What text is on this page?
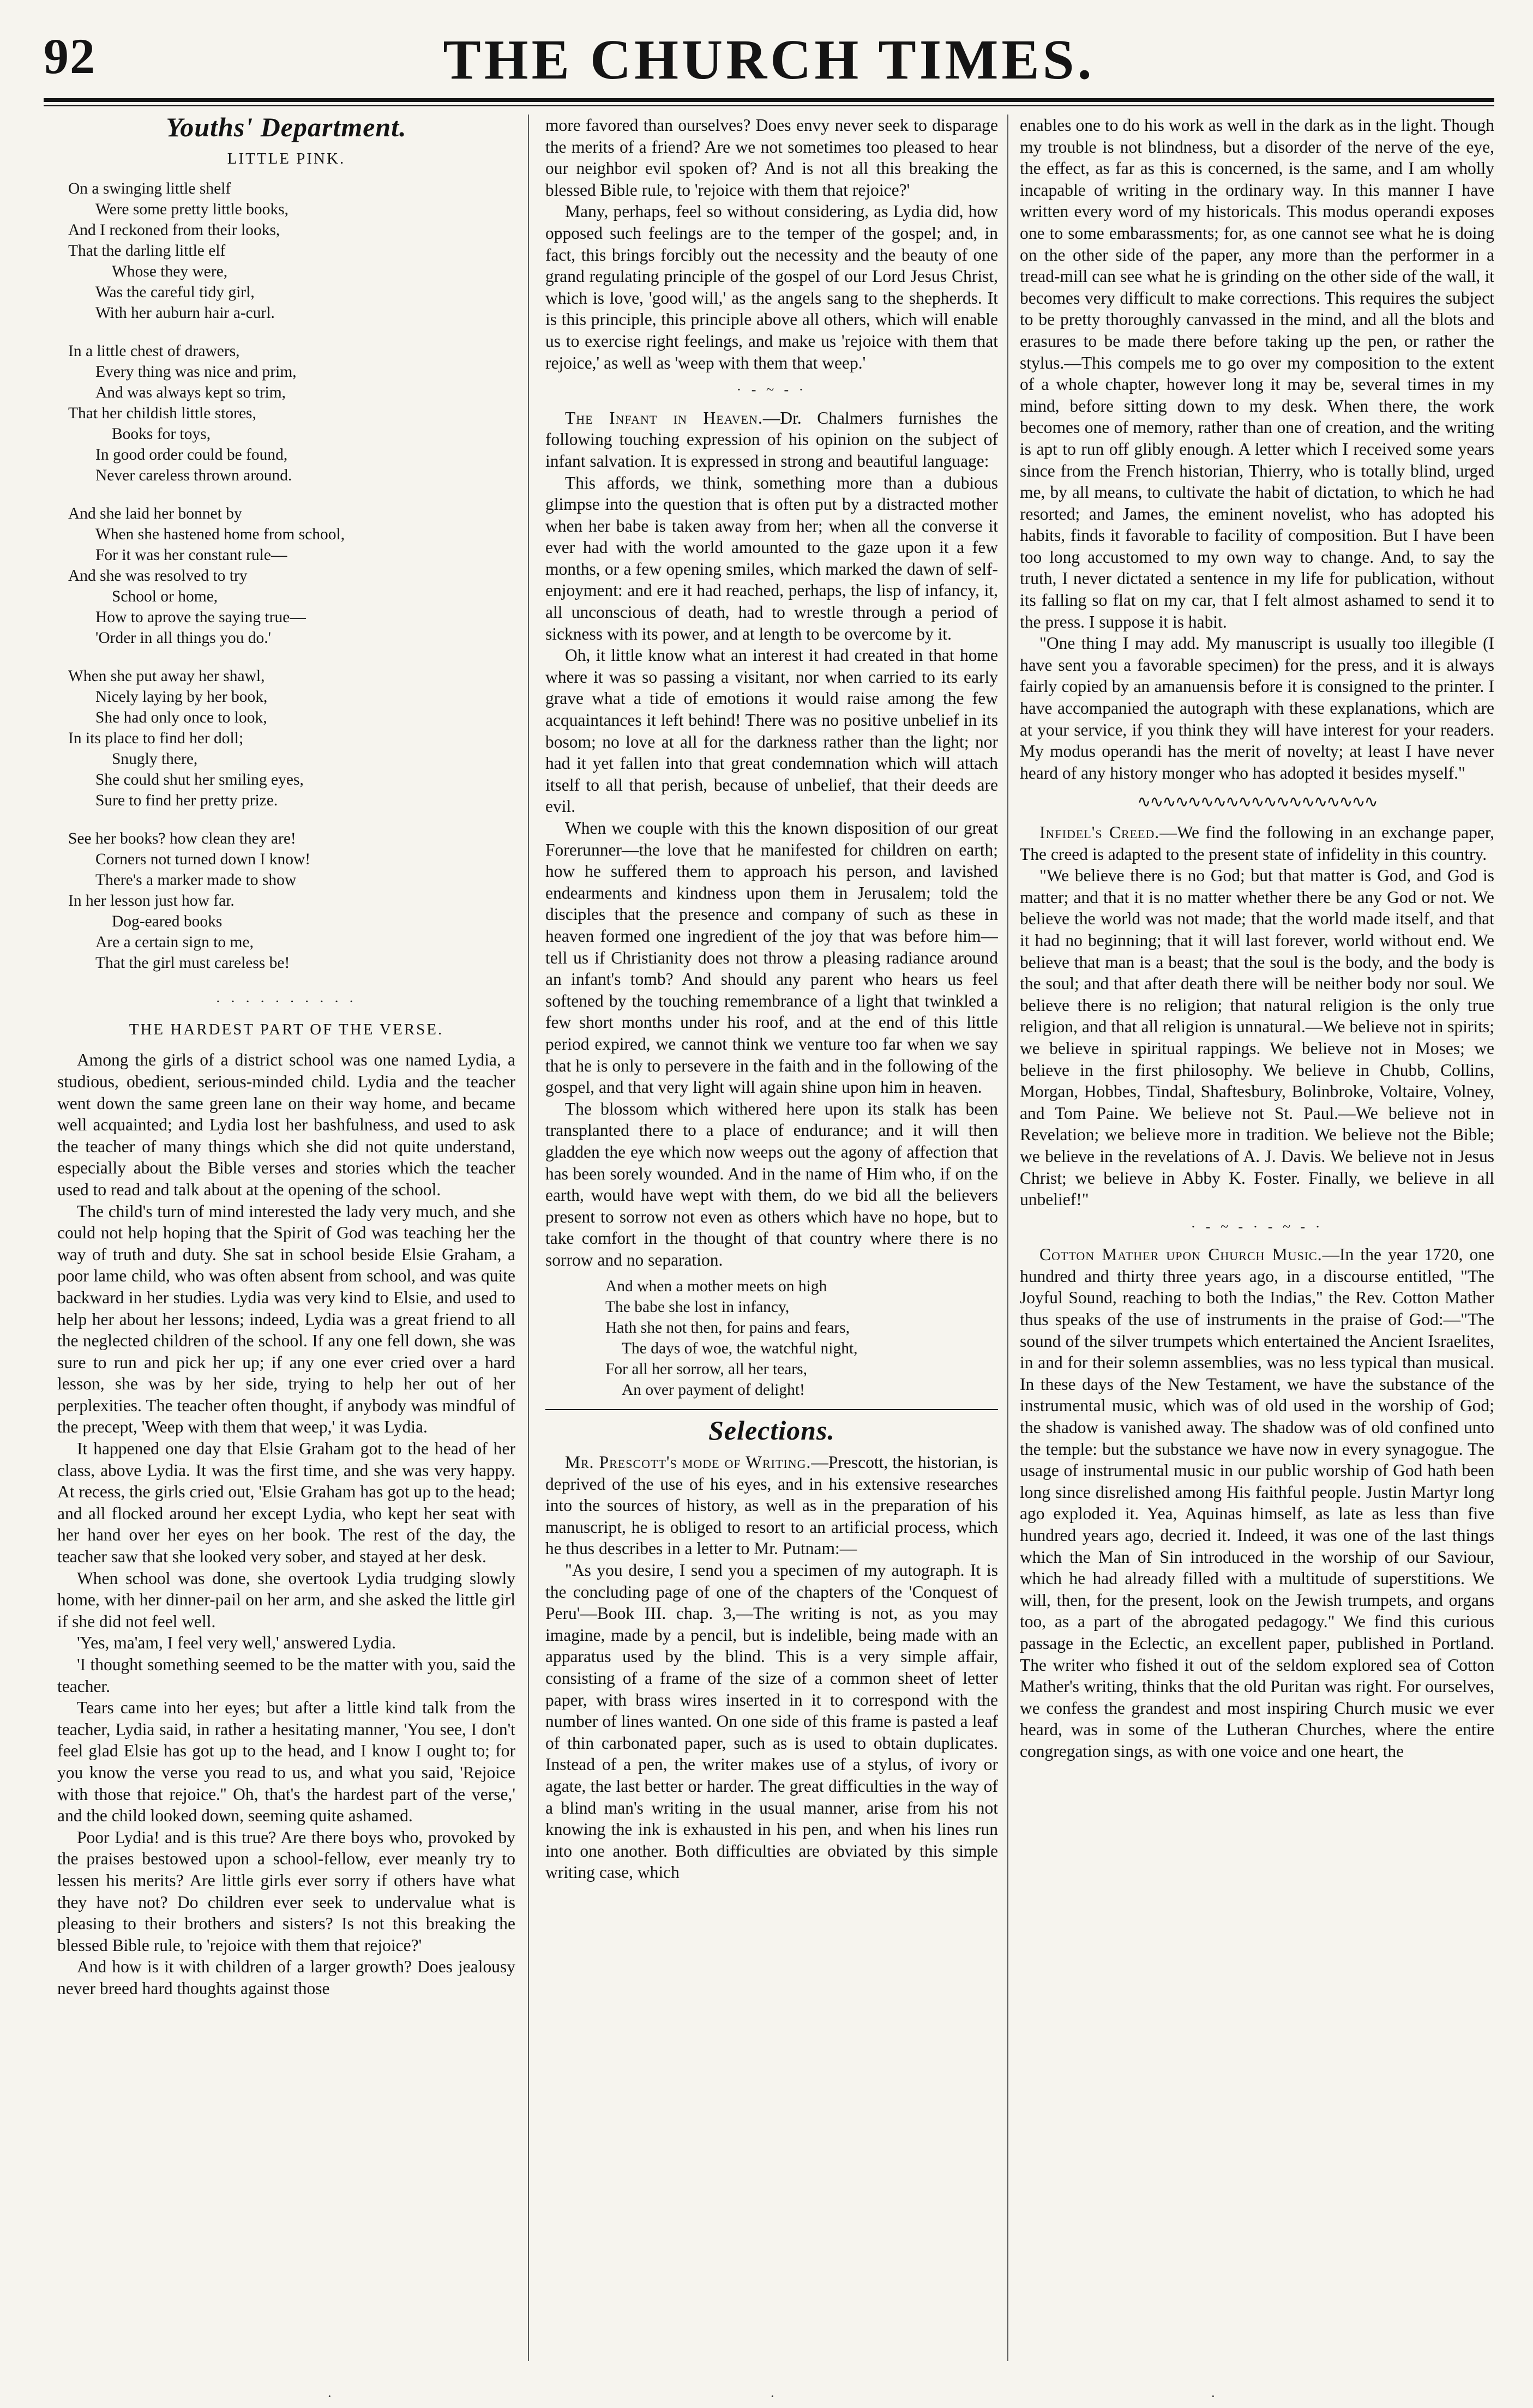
92	THE CHURCH TIMES.
Youths' Department.
LITTLE PINK.
On a swinging little shelf
Were some pretty little books,
And I reckoned from their looks,
That the darling little elf
Whose they were,
Was the careful tidy girl,
With her auburn hair a-curl.
In a little chest of drawers,
Every thing was nice and prim,
And was always kept so trim,
That her childish little stores,
Books for toys,
In good order could be found,
Never careless thrown around.
And she laid her bonnet by
When she hastened home from school,
For it was her constant rule—
And she was resolved to try
School or home,
How to aprove the saying true—
'Order in all things you do.'
When she put away her shawl,
Nicely laying by her book,
She had only once to look,
In its place to find her doll;
Snugly there,
She could shut her smiling eyes,
Sure to find her pretty prize.
See her books? how clean they are!
Corners not turned down I know!
There's a marker made to show
In her lesson just how far.
Dog-eared books
Are a certain sign to me,
That the girl must careless be!
· · · · · · · · · ·
THE HARDEST PART OF THE VERSE.

Among the girls of a district school was one named Lydia, a studious, obedient, serious-minded child. Lydia and the teacher went down the same green lane on their way home, and became well acquainted; and Lydia lost her bashfulness, and used to ask the teacher of many things which she did not quite understand, especially about the Bible verses and stories which the teacher used to read and talk about at the opening of the school.

The child's turn of mind interested the lady very much, and she could not help hoping that the Spirit of God was teaching her the way of truth and duty. She sat in school beside Elsie Graham, a poor lame child, who was often absent from school, and was quite backward in her studies. Lydia was very kind to Elsie, and used to help her about her lessons; indeed, Lydia was a great friend to all the neglected children of the school. If any one fell down, she was sure to run and pick her up; if any one ever cried over a hard lesson, she was by her side, trying to help her out of her perplexities. The teacher often thought, if anybody was mindful of the precept, 'Weep with them that weep,' it was Lydia.

It happened one day that Elsie Graham got to the head of her class, above Lydia. It was the first time, and she was very happy. At recess, the girls cried out, 'Elsie Graham has got up to the head; and all flocked around her except Lydia, who kept her seat with her hand over her eyes on her book. The rest of the day, the teacher saw that she looked very sober, and stayed at her desk.

When school was done, she overtook Lydia trudging slowly home, with her dinner-pail on her arm, and she asked the little girl if she did not feel well.

'Yes, ma'am, I feel very well,' answered Lydia.

'I thought something seemed to be the matter with you, said the teacher.

Tears came into her eyes; but after a little kind talk from the teacher, Lydia said, in rather a hesitating manner, 'You see, I don't feel glad Elsie has got up to the head, and I know I ought to; for you know the verse you read to us, and what you said, 'Rejoice with those that rejoice.'' Oh, that's the hardest part of the verse,' and the child looked down, seeming quite ashamed.

Poor Lydia! and is this true? Are there boys who, provoked by the praises bestowed upon a school-fellow, ever meanly try to lessen his merits? Are little girls ever sorry if others have what they have not? Do children ever seek to undervalue what is pleasing to their brothers and sisters? Is not this breaking the blessed Bible rule, to 'rejoice with them that rejoice?'

And how is it with children of a larger growth? Does jealousy never breed hard thoughts against those

more favored than ourselves? Does envy never seek to disparage the merits of a friend? Are we not sometimes too pleased to hear our neighbor evil spoken of? And is not all this breaking the blessed Bible rule, to 'rejoice with them that rejoice?'

Many, perhaps, feel so without considering, as Lydia did, how opposed such feelings are to the temper of the gospel; and, in fact, this brings forcibly out the necessity and the beauty of one grand regulating principle of the gospel of our Lord Jesus Christ, which is love, 'good will,' as the angels sang to the shepherds. It is this principle, this principle above all others, which will enable us to exercise right feelings, and make us 'rejoice with them that rejoice,' as well as 'weep with them that weep.'

· - ~ - ·

The Infant in Heaven.—Dr. Chalmers furnishes the following touching expression of his opinion on the subject of infant salvation. It is expressed in strong and beautiful language:

This affords, we think, something more than a dubious glimpse into the question that is often put by a distracted mother when her babe is taken away from her; when all the converse it ever had with the world amounted to the gaze upon it a few months, or a few opening smiles, which marked the dawn of self-enjoyment: and ere it had reached, perhaps, the lisp of infancy, it, all unconscious of death, had to wrestle through a period of sickness with its power, and at length to be overcome by it.

Oh, it little know what an interest it had created in that home where it was so passing a visitant, nor when carried to its early grave what a tide of emotions it would raise among the few acquaintances it left behind! There was no positive unbelief in its bosom; no love at all for the darkness rather than the light; nor had it yet fallen into that great condemnation which will attach itself to all that perish, because of unbelief, that their deeds are evil.

When we couple with this the known disposition of our great Forerunner—the love that he manifested for children on earth; how he suffered them to approach his person, and lavished endearments and kindness upon them in Jerusalem; told the disciples that the presence and company of such as these in heaven formed one ingredient of the joy that was before him—tell us if Christianity does not throw a pleasing radiance around an infant's tomb? And should any parent who hears us feel softened by the touching remembrance of a light that twinkled a few short months under his roof, and at the end of this little period expired, we cannot think we venture too far when we say that he is only to persevere in the faith and in the following of the gospel, and that very light will again shine upon him in heaven.

The blossom which withered here upon its stalk has been transplanted there to a place of endurance; and it will then gladden the eye which now weeps out the agony of affection that has been sorely wounded. And in the name of Him who, if on the earth, would have wept with them, do we bid all the believers present to sorrow not even as others which have no hope, but to take comfort in the thought of that country where there is no sorrow and no separation.

And when a mother meets on high
The babe she lost in infancy,
Hath she not then, for pains and fears,
The days of woe, the watchful night,
For all her sorrow, all her tears,
An over payment of delight!
Selections.

Mr. Prescott's mode of Writing.—Prescott, the historian, is deprived of the use of his eyes, and in his extensive researches into the sources of history, as well as in the preparation of his manuscript, he is obliged to resort to an artificial process, which he thus describes in a letter to Mr. Putnam:—

"As you desire, I send you a specimen of my autograph. It is the concluding page of one of the chapters of the 'Conquest of Peru'—Book III. chap. 3,—The writing is not, as you may imagine, made by a pencil, but is indelible, being made with an apparatus used by the blind. This is a very simple affair, consisting of a frame of the size of a common sheet of letter paper, with brass wires inserted in it to correspond with the number of lines wanted. On one side of this frame is pasted a leaf of thin carbonated paper, such as is used to obtain duplicates. Instead of a pen, the writer makes use of a stylus, of ivory or agate, the last better or harder. The great difficulties in the way of a blind man's writing in the usual manner, arise from his not knowing the ink is exhausted in his pen, and when his lines run into one another. Both difficulties are obviated by this simple writing case, which

enables one to do his work as well in the dark as in the light. Though my trouble is not blindness, but a disorder of the nerve of the eye, the effect, as far as this is concerned, is the same, and I am wholly incapable of writing in the ordinary way. In this manner I have written every word of my historicals. This modus operandi exposes one to some embarassments; for, as one cannot see what he is doing on the other side of the paper, any more than the performer in a tread-mill can see what he is grinding on the other side of the wall, it becomes very difficult to make corrections. This requires the subject to be pretty thoroughly canvassed in the mind, and all the blots and erasures to be made there before taking up the pen, or rather the stylus.—This compels me to go over my composition to the extent of a whole chapter, however long it may be, several times in my mind, before sitting down to my desk. When there, the work becomes one of memory, rather than one of creation, and the writing is apt to run off glibly enough. A letter which I received some years since from the French historian, Thierry, who is totally blind, urged me, by all means, to cultivate the habit of dictation, to which he had resorted; and James, the eminent novelist, who has adopted his habits, finds it favorable to facility of composition. But I have been too long accustomed to my own way to change. And, to say the truth, I never dictated a sentence in my life for publication, without its falling so flat on my car, that I felt almost ashamed to send it to the press. I suppose it is habit.

"One thing I may add. My manuscript is usually too illegible (I have sent you a favorable specimen) for the press, and it is always fairly copied by an amanuensis before it is consigned to the printer. I have accompanied the autograph with these explanations, which are at your service, if you think they will have interest for your readers. My modus operandi has the merit of novelty; at least I have never heard of any history monger who has adopted it besides myself."

∿∿∿∿∿∿∿∿∿∿∿∿∿∿∿∿∿∿∿

Infidel's Creed.—We find the following in an exchange paper, The creed is adapted to the present state of infidelity in this country.

"We believe there is no God; but that matter is God, and God is matter; and that it is no matter whether there be any God or not. We believe the world was not made; that the world made itself, and that it had no beginning; that it will last forever, world without end. We believe that man is a beast; that the soul is the body, and the body is the soul; and that after death there will be neither body nor soul. We believe there is no religion; that natural religion is the only true religion, and that all religion is unnatural.—We believe not in spirits; we believe in spiritual rappings. We believe not in Moses; we believe in the first philosophy. We believe in Chubb, Collins, Morgan, Hobbes, Tindal, Shaftesbury, Bolinbroke, Voltaire, Volney, and Tom Paine. We believe not St. Paul.—We believe not in Revelation; we believe more in tradition. We believe not the Bible; we believe in the revelations of A. J. Davis. We believe not in Jesus Christ; we believe in Abby K. Foster. Finally, we believe in all unbelief!"

· - ~ - · - ~ - ·

Cotton Mather upon Church Music.—In the year 1720, one hundred and thirty three years ago, in a discourse entitled, "The Joyful Sound, reaching to both the Indias," the Rev. Cotton Mather thus speaks of the use of instruments in the praise of God:—"The sound of the silver trumpets which entertained the Ancient Israelites, in and for their solemn assemblies, was no less typical than musical. In these days of the New Testament, we have the substance of the instrumental music, which was of old used in the worship of God; the shadow is vanished away. The shadow was of old confined unto the temple: but the substance we have now in every synagogue. The usage of instrumental music in our public worship of God hath been long since disrelished among His faithful people. Justin Martyr long ago exploded it. Yea, Aquinas himself, as late as less than five hundred years ago, decried it. Indeed, it was one of the last things which the Man of Sin introduced in the worship of our Saviour, which he had already filled with a multitude of superstitions. We will, then, for the present, look on the Jewish trumpets, and organs too, as a part of the abrogated pedagogy." We find this curious passage in the Eclectic, an excellent paper, published in Portland. The writer who fished it out of the seldom explored sea of Cotton Mather's writing, thinks that the old Puritan was right. For ourselves, we confess the grandest and most inspiring Church music we ever heard, was in some of the Lutheran Churches, where the entire congregation sings, as with one voice and one heart, the

·	·	·
